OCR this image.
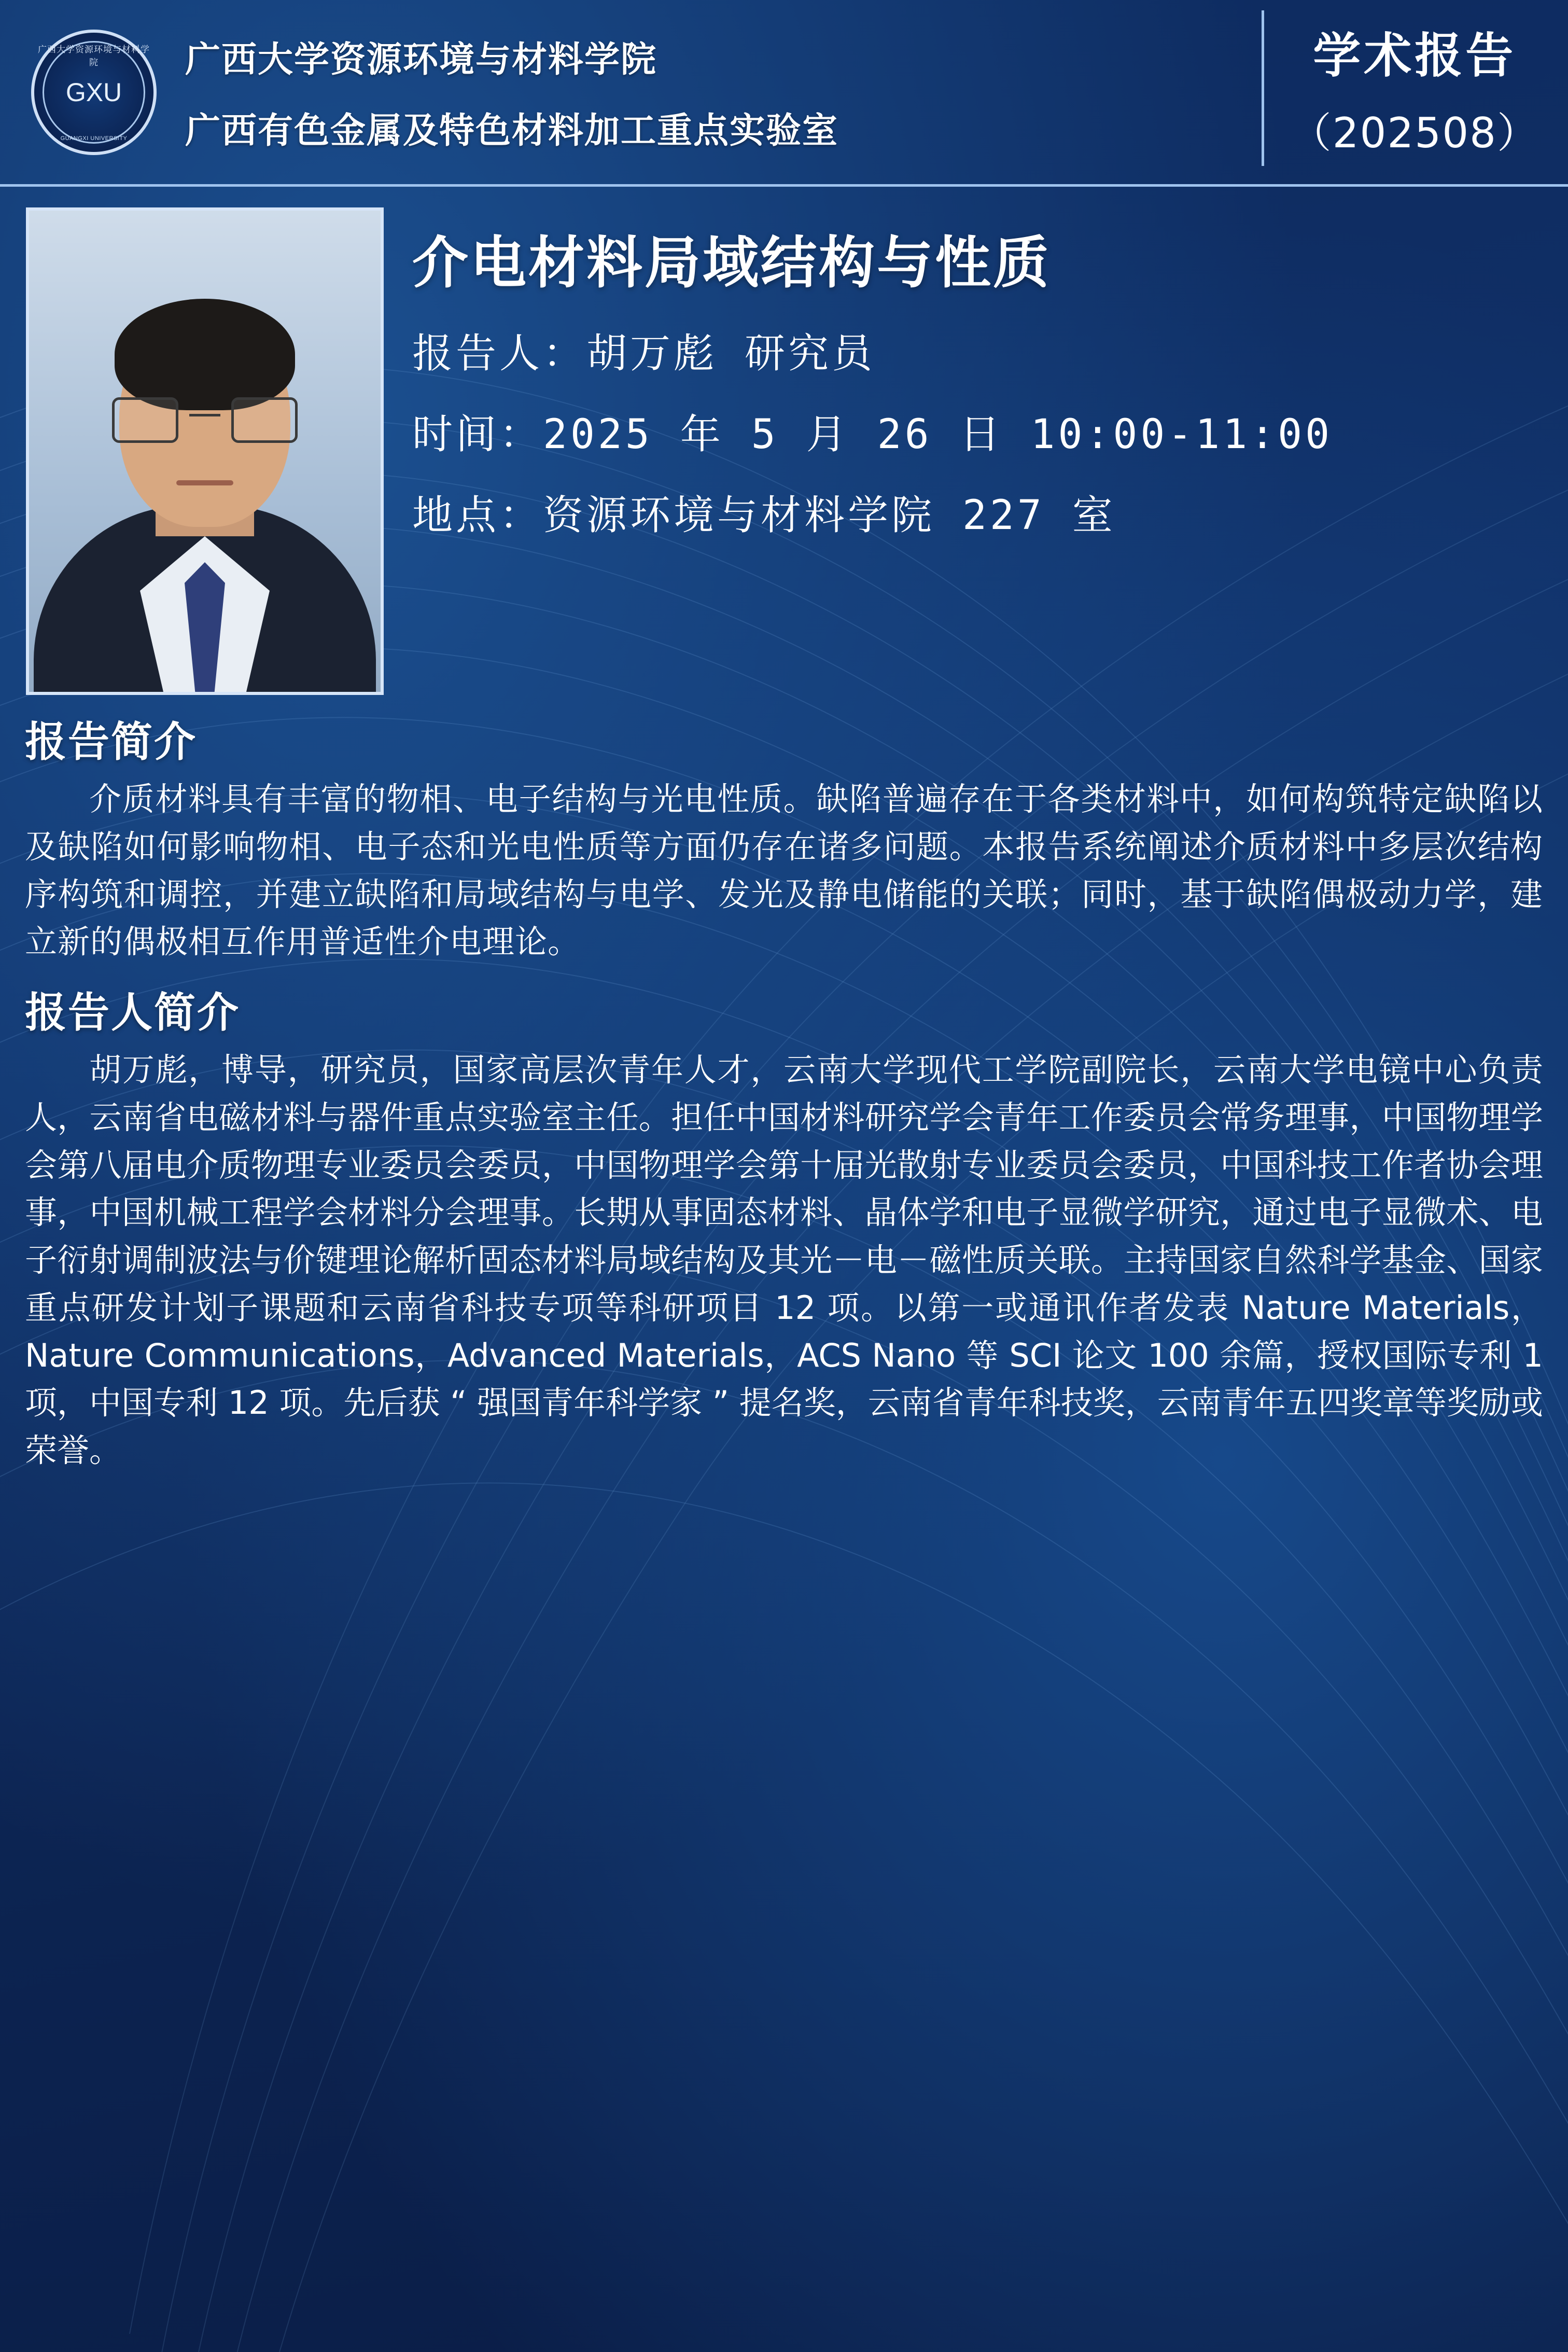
广西大学资源环境与材料学院
GXU
GUANGXI UNIVERSITY
广西大学资源环境与材料学院
广西有色金属及特色材料加工重点实验室
学术报告
（202508）
介电材料局域结构与性质
报告人：胡万彪 研究员
时间：2025 年 5 月 26 日 10:00-11:00
地点：资源环境与材料学院 227 室
报告简介
介质材料具有丰富的物相、电子结构与光电性质。缺陷普遍存在于各类材料中，如何构筑特定缺陷以及缺陷如何影响物相、电子态和光电性质等方面仍存在诸多问题。本报告系统阐述介质材料中多层次结构序构筑和调控，并建立缺陷和局域结构与电学、发光及静电储能的关联；同时，基于缺陷偶极动力学，建立新的偶极相互作用普适性介电理论。
报告人简介
胡万彪，博导，研究员，国家高层次青年人才，云南大学现代工学院副院长，云南大学电镜中心负责人，云南省电磁材料与器件重点实验室主任。担任中国材料研究学会青年工作委员会常务理事，中国物理学会第八届电介质物理专业委员会委员，中国物理学会第十届光散射专业委员会委员，中国科技工作者协会理事，中国机械工程学会材料分会理事。长期从事固态材料、晶体学和电子显微学研究，通过电子显微术、电子衍射调制波法与价键理论解析固态材料局域结构及其光－电－磁性质关联。主持国家自然科学基金、国家重点研发计划子课题和云南省科技专项等科研项目 12 项。以第一或通讯作者发表 Nature Materials，Nature Communications，Advanced Materials，ACS Nano 等 SCI 论文 100 余篇，授权国际专利 1 项，中国专利 12 项。先后获 “ 强国青年科学家 ” 提名奖，云南省青年科技奖，云南青年五四奖章等奖励或荣誉。
